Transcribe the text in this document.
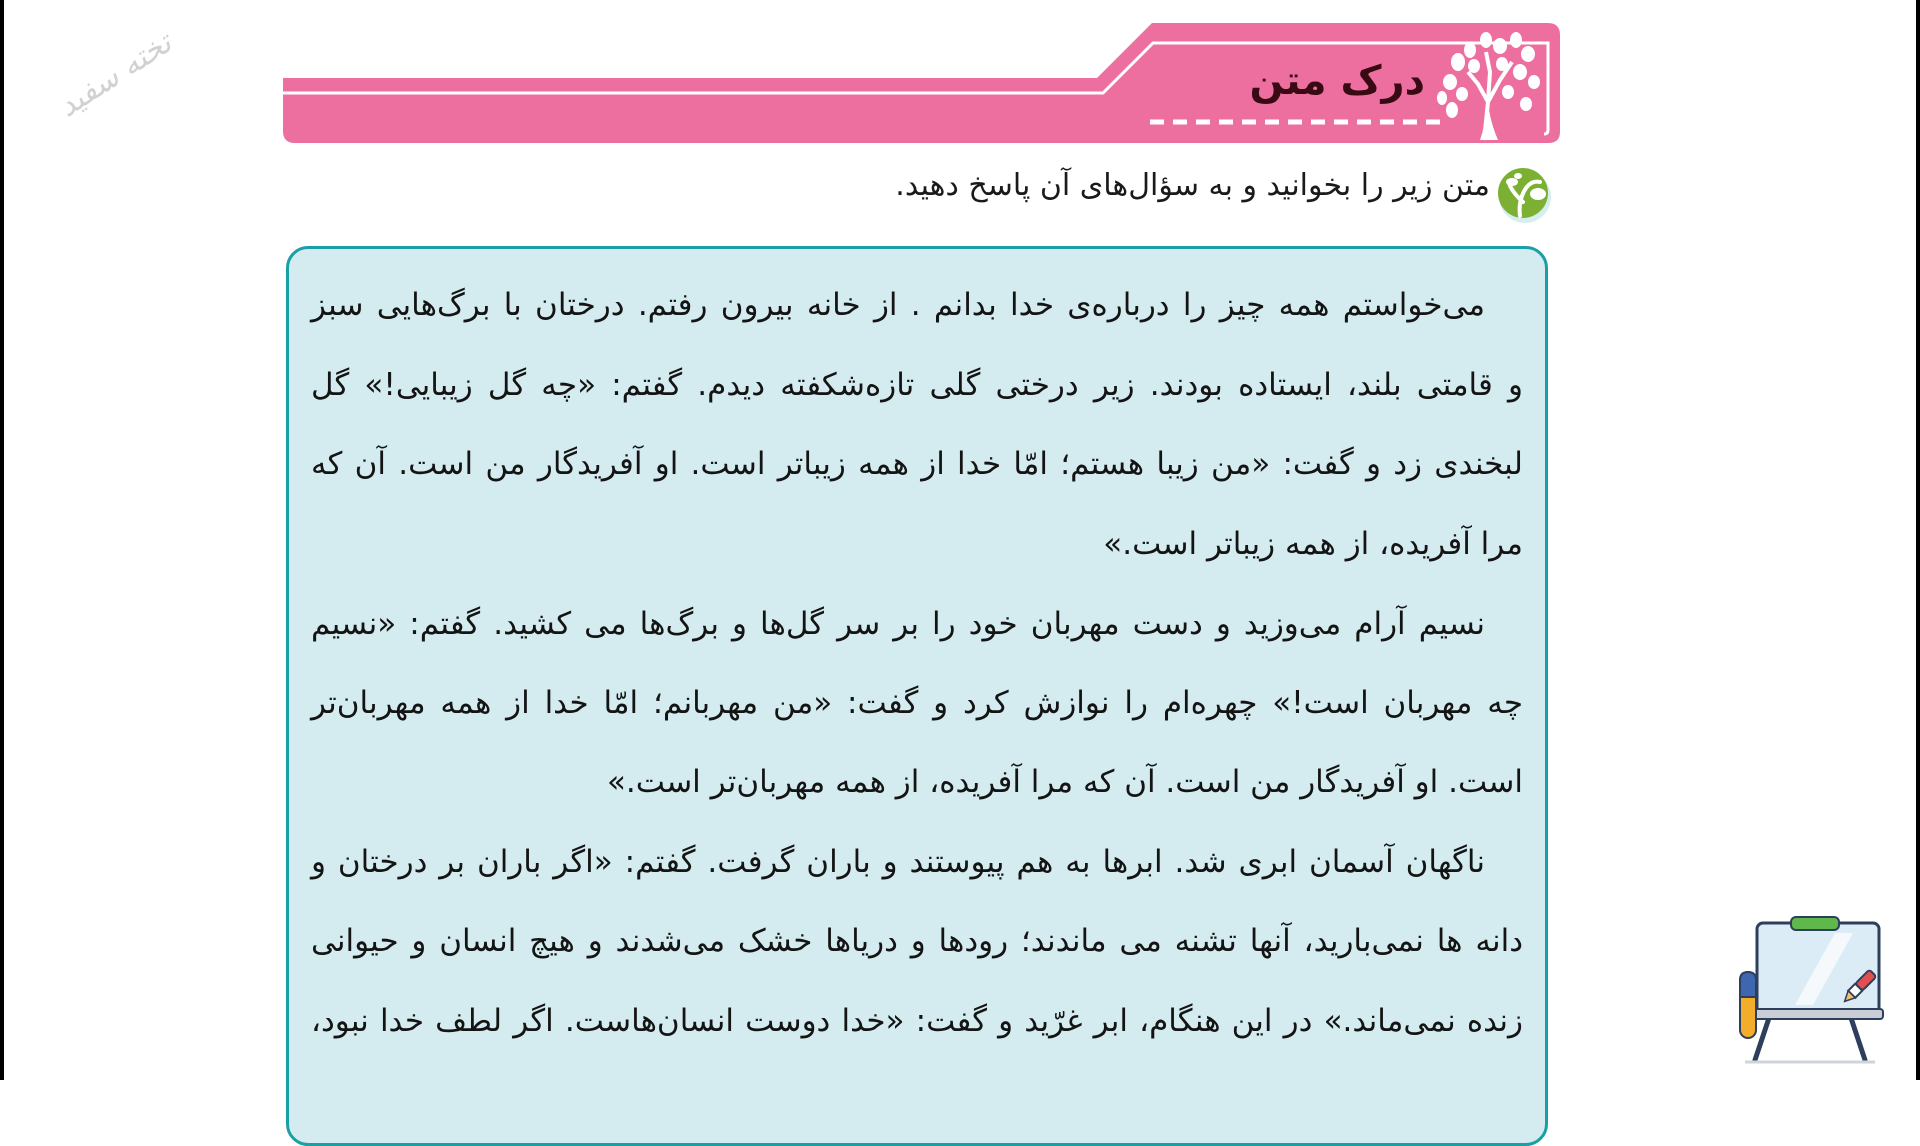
تخته سفید	درک متن
متن زیر را بخوانید و به سؤال‌های آن پاسخ دهید.
می‌خواستم همه چیز را درباره‌ی خدا بدانم . از خانه بیرون رفتم. درختان با برگ‌هایی سبز
و قامتی بلند، ایستاده بودند. زیر درختی گلی تازه‌شکفته دیدم. گفتم: «چه گل زیبایی!» گل
لبخندی زد و گفت: «من زیبا هستم؛ امّا خدا از همه زیباتر است. او آفریدگار من است. آن که
مرا آفریده، از همه زیباتر است.»
نسیم آرام می‌وزید و دست مهربان خود را بر سر گل‌ها و برگ‌ها می کشید. گفتم: «نسیم
چه مهربان است!» چهره‌ام را نوازش کرد و گفت: «من مهربانم؛ امّا خدا از همه مهربان‌تر
است. او آفریدگار من است. آن که مرا آفریده، از همه مهربان‌تر است.»
ناگهان آسمان ابری شد. ابرها به هم پیوستند و باران گرفت. گفتم: «اگر باران بر درختان و
دانه ها نمی‌بارید، آنها تشنه می ماندند؛ رودها و دریاها خشک می‌شدند و هیچ انسان و حیوانی
زنده نمی‌ماند.» در این هنگام، ابر غرّید و گفت: «خدا دوست انسان‌هاست. اگر لطف خدا نبود،
